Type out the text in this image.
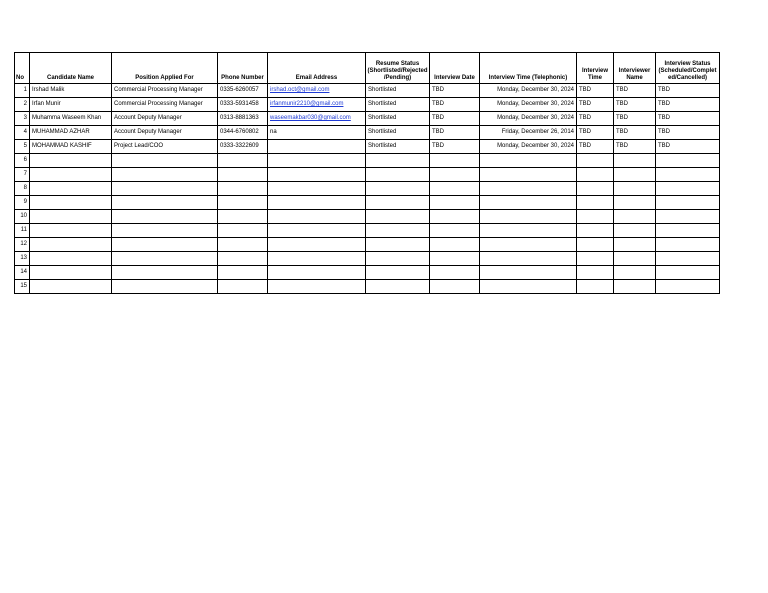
No	Candidate Name	Position Applied For	Phone Number	Email Address	Resume Status (Shortlisted/Rejected /Pending)	Interview Date	Interview Time (Telephonic)	Interview Time	Interviewer Name	Interview Status (Scheduled/Complet ed/Cancelled)
1	Irshad Malik	Commercial Processing Manager	0335-6260057	irshad.oct@gmail.com	Shortlisted	TBD	Monday, December 30, 2024	TBD	TBD	TBD
2	Irfan Munir	Commercial Processing Manager	0333-5931458	irfanmunir2210@gmail.com	Shortlisted	TBD	Monday, December 30, 2024	TBD	TBD	TBD
3	Muhamma Waseem Khan	Account Deputy Manager	0313-8881363	waseemakbar030@gmail.com	Shortlisted	TBD	Monday, December 30, 2024	TBD	TBD	TBD
4	MUHAMMAD AZHAR	Account Deputy Manager	0344-6760802	na	Shortlisted	TBD	Friday, December 26, 2014	TBD	TBD	TBD
5	MOHAMMAD KASHIF	Project Lead/COO	0333-3322609		Shortlisted	TBD	Monday, December 30, 2024	TBD	TBD	TBD
6										
7										
8										
9										
10										
11										
12										
13										
14										
15										
